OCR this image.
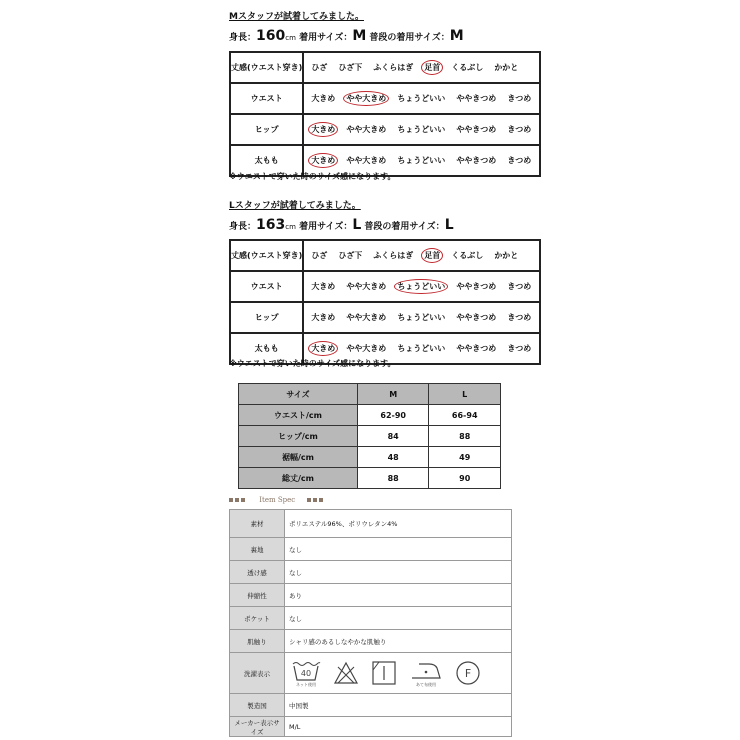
Mスタッフが試着してみました。
身長：160cm 着用サイズ：M 普段の着用サイズ：M
丈感(ウエスト穿き)	ひざ ひざ下 ふくらはぎ 足首 くるぶし かかと
ウエスト	大きめ やや大きめ ちょうどいい ややきつめ きつめ
ヒップ	大きめ やや大きめ ちょうどいい ややきつめ きつめ
太もも	大きめ やや大きめ ちょうどいい ややきつめ きつめ
※ウエストで穿いた時のサイズ感になります。
Lスタッフが試着してみました。
身長：163cm 着用サイズ：L 普段の着用サイズ：L
丈感(ウエスト穿き)	ひざ ひざ下 ふくらはぎ 足首 くるぶし かかと
ウエスト	大きめ やや大きめ ちょうどいい ややきつめ きつめ
ヒップ	大きめ やや大きめ ちょうどいい ややきつめ きつめ
太もも	大きめ やや大きめ ちょうどいい ややきつめ きつめ
※ウエストで穿いた時のサイズ感になります。
サイズ	M	L
ウエスト/cm	62-90	66-94
ヒップ/cm	84	88
裾幅/cm	48	49
総丈/cm	88	90
Item Spec
素材	ポリエステル96%、ポリウレタン4%
裏地	なし
透け感	なし
伸縮性	あり
ポケット	なし
肌触り	シャリ感のあるしなやかな肌触り
洗濯表示	40
ネット使用 あて布使用
F

製造国	中国製
メーカー表示サイズ	M/L
